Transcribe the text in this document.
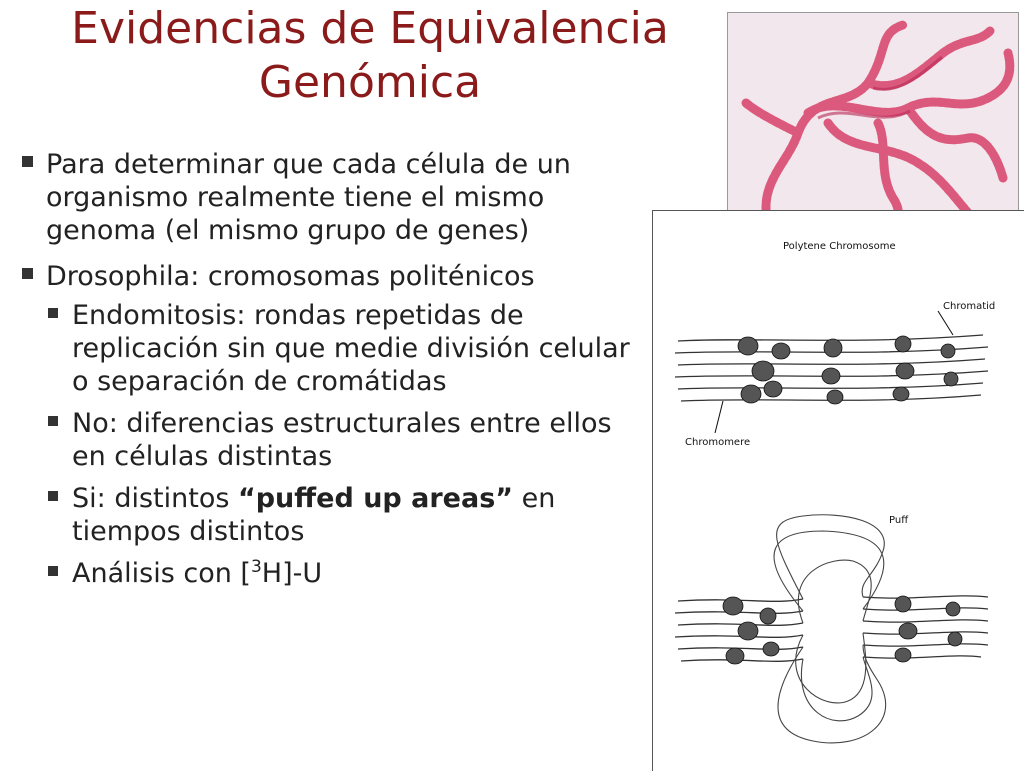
Evidencias de Equivalencia
Genómica
Para determinar que cada célula de un organismo realmente tiene el mismo genoma (el mismo grupo de genes)
Drosophila: cromosomas politénicos
Endomitosis: rondas repetidas de replicación sin que medie división celular o separación de cromátidas
No: diferencias estructurales entre ellos en células distintas
Si: distintos “puffed up areas” en tiempos distintos
Análisis con [$^3$H]-U
Polytene Chromosome
Chromatid
Chromomere
Puff
